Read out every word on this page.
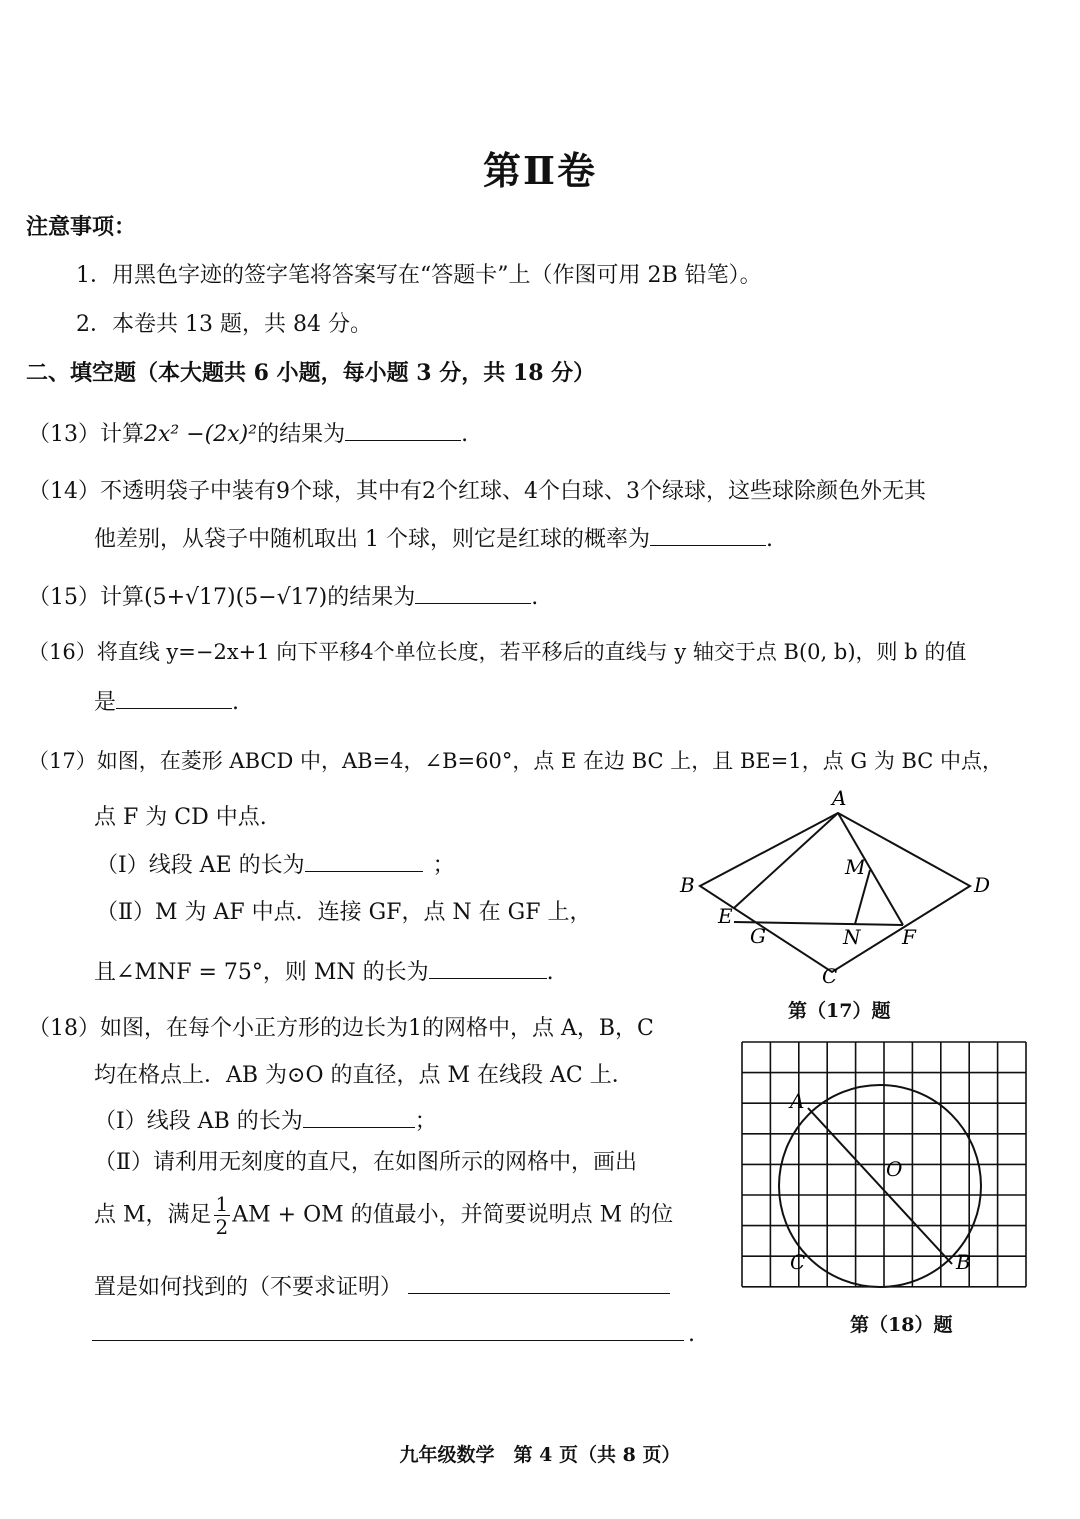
第Ⅱ卷
注意事项：
1．用黑色字迹的签字笔将答案写在“答题卡”上（作图可用 2B 铅笔）。
2．本卷共 13 题，共 84 分。
二、填空题（本大题共 6 小题，每小题 3 分，共 18 分）
（13）计算2x² −(2x)²的结果为	.
（14）不透明袋子中装有9个球，其中有2个红球、4个白球、3个绿球，这些球除颜色外无其
他差别，从袋子中随机取出 1 个球，则它是红球的概率为	.
（15）计算(5+√17)(5−√17)的结果为	.
（16）将直线 y=−2x+1 向下平移4个单位长度，若平移后的直线与 y 轴交于点 B(0, b)，则 b 的值
是	.
（17）如图，在菱形 ABCD 中，AB=4，∠B=60°，点 E 在边 BC 上，且 BE=1，点 G 为 BC 中点，
点 F 为 CD 中点.
（Ⅰ）线段 AE 的长为	；
（Ⅱ）M 为 AF 中点．连接 GF，点 N 在 GF 上，
且∠MNF = 75°，则 MN 的长为	.
A
B	D
C
E
G
M
N F
第（17）题
（18）如图，在每个小正方形的边长为1的网格中，点 A，B，C
均在格点上．AB 为⊙O 的直径，点 M 在线段 AC 上．
（Ⅰ）线段 AB 的长为	；
（Ⅱ）请利用无刻度的直尺，在如图所示的网格中，画出
点 M，满足 $\frac{1}{2}$ AM + OM 的值最小，并简要说明点 M 的位
置是如何找到的（不要求证明）
.
A
O
C	B
第（18）题
九年级数学　第 4 页（共 8 页）
